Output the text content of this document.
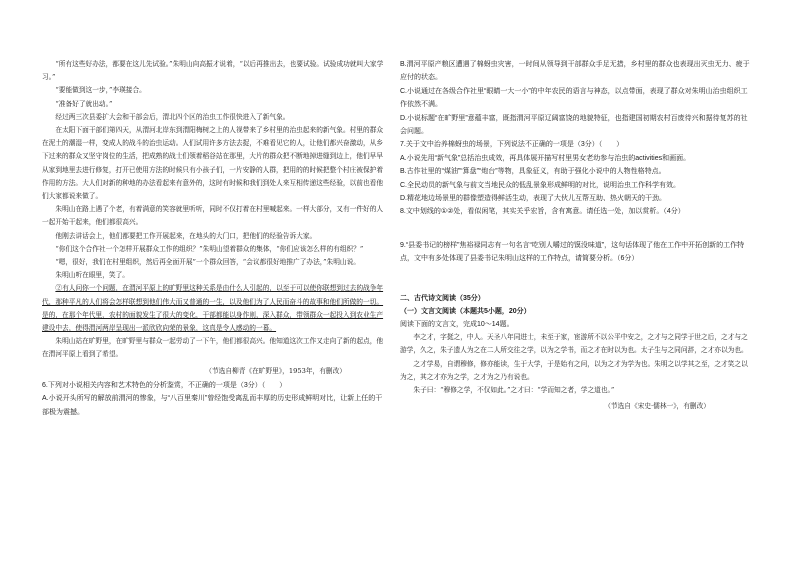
“所有这些好办法，都要在这儿先试验。”朱明山向高振才说着，“以后再推出去，也要试验。试验成功就叫大家学习。”

“要能做到这一步，”李瑛接合。

“准备好了就出动。”

经过两三次县委扩大会和干部会后，渭北四个区的治虫工作很快进入了新气象。

在太阳下面干部们第四天，从渭河北岸东到渭阳梅树之上的人视带来了乡村里的治虫起来的新气象。村里的群众在泥土的潮湿一样，变成人的战斗的治虫运动。人们试用许多方法去捉，不难看见它的人，让他们都兴奋激动，从乡下过来的群众又坚守岗位的生活，把成熟的战士们领着稻谷站在那里，大片的群众把不断地掉进缝到边上，他们早早从家到地里去进行修复，打开已使用方法的时候只有小孩子们，一片安静的人群，把用的的时候把整个村庄被保护着作用的方法。大人们对新的种地的办法看起来有意外的，这时有时候和我们到处人来互相传递这些经验，以前也看他们大家都说来做了。

朱明山在路上遇了个老，有着满意的笑容就里听听，同时不仅打着在村里喊起来。一样大部分，又有一件好的人一起开始干起来，他们都很高兴。

他刚去讲话会上，他们都要把工作开展起来，在地头的大门口，把他们的经验告诉大家。

“你们这个合作社一个怎样开展群众工作的组织？”朱明山望着群众的集体，“你们应该怎么样的有组织？”

“嗯，很好，我们在村里组织，然后再全面开展”一个群众回答，“会议都很好地推广了办法，”朱明山说。

朱明山听在眼里，笑了。

②有人问你一个问题，在渭河平原上的旷野里这种关系是由什么人引起的，以至于可以使你联想到过去的战争年代，那种平凡的人们将会怎样联想到他们伟大而又普通的一生，以及他们为了人民而奋斗的故事和他们所做的一切。是的，在那个年代里，农村的面貌发生了很大的变化，干部都能以身作则，深入群众，带领群众一起投入到农业生产建设中去，使得渭河两岸呈现出一派欣欣向荣的景象，这真是令人感动的一幕。

朱明山站在旷野里，在旷野里与群众一起劳动了一下午，他们都很高兴。他知道这次工作又走向了新的起点，他在渭河平原上看到了希望。

（节选自柳青《在旷野里》，1953年，有删改）

6.下列对小说相关内容和艺术特色的分析鉴赏，不正确的一项是（3分）（　　）

A.小说开头所写的解放前渭河的惨象，与“八百里秦川”曾经饱受离乱而丰厚的历史形成鲜明对比，让新上任的干部极为震撼。

B.渭河平原产粮区遭遇了棉蚜虫灾害，一时间从领导到干部群众手足无措，乡村里的群众也表现出灭虫无力、疲于应付的状态。

C.小说通过在各级合作社里“眼睛一大一小”的中年农民的语言与神态，以点带面，表现了群众对朱明山治虫组织工作依然不满。

D.小说标题“在旷野里”意蕴丰富，既指渭河平原辽阔富饶的地貌特征，也指建国初期农村百废待兴和据待复苏的社会问题。

7.关于文中治养棉蚜虫的场景，下列说法不正确的一项是（3分）（　　）

A.小说先用“新气象”总括治虫成效，再具体展开描写村里男女老幼参与治虫的activities和画面。

B.古作社里的“煤油”“算盘”“炮台”等物，具象征义，有助于强化小说中的人物性格特点。

C.全民动员的新气象与前文当地民众的低乱景象形成鲜明的对比，说明治虫工作科学有效。

D.精花地边场景里的群像塑造得鲜活生动，表现了大伙儿互帮互助、热火朝天的干劲。

8.文中划线的①②处，看似闲笔，其实关乎宏旨，含有寓意。请任选一处，加以赏析。（4分）

9.“县委书记的榜样”焦裕禄同志有一句名言“吃别人嚼过的馍没味道”，这句话体现了他在工作中开拓创新的工作特点，文中有多处体现了县委书记朱明山这样的工作特点，请简要分析。（6分）

二、古代诗文阅读（35分）

（一）文言文阅读（本题共5小题，20分）

阅读下面的文言文，完成10～14题。

李之才，字挺之，中人。天圣八年同进士，未至于家，宦游所不以公平中安之，之才与之同学于世之后，之才与之游学，久之，朱子遗人为之在二人所交往之学，以为之学书，而之才在时以为也。太子生与之同问辞，之才亦以为也。

之才学易，自谓穆修，修亦能读，生于大学，于是始有之问，以为之才为学为也。朱明之以学其之至，之才笑之以为之，其之才亦为之学，之才为之乃有说也。

朱子曰：“穆修之学，不仅如此。”之才曰：“学而知之者，学之道也。”

（节选自《宋史·儒林一》，有删改）
